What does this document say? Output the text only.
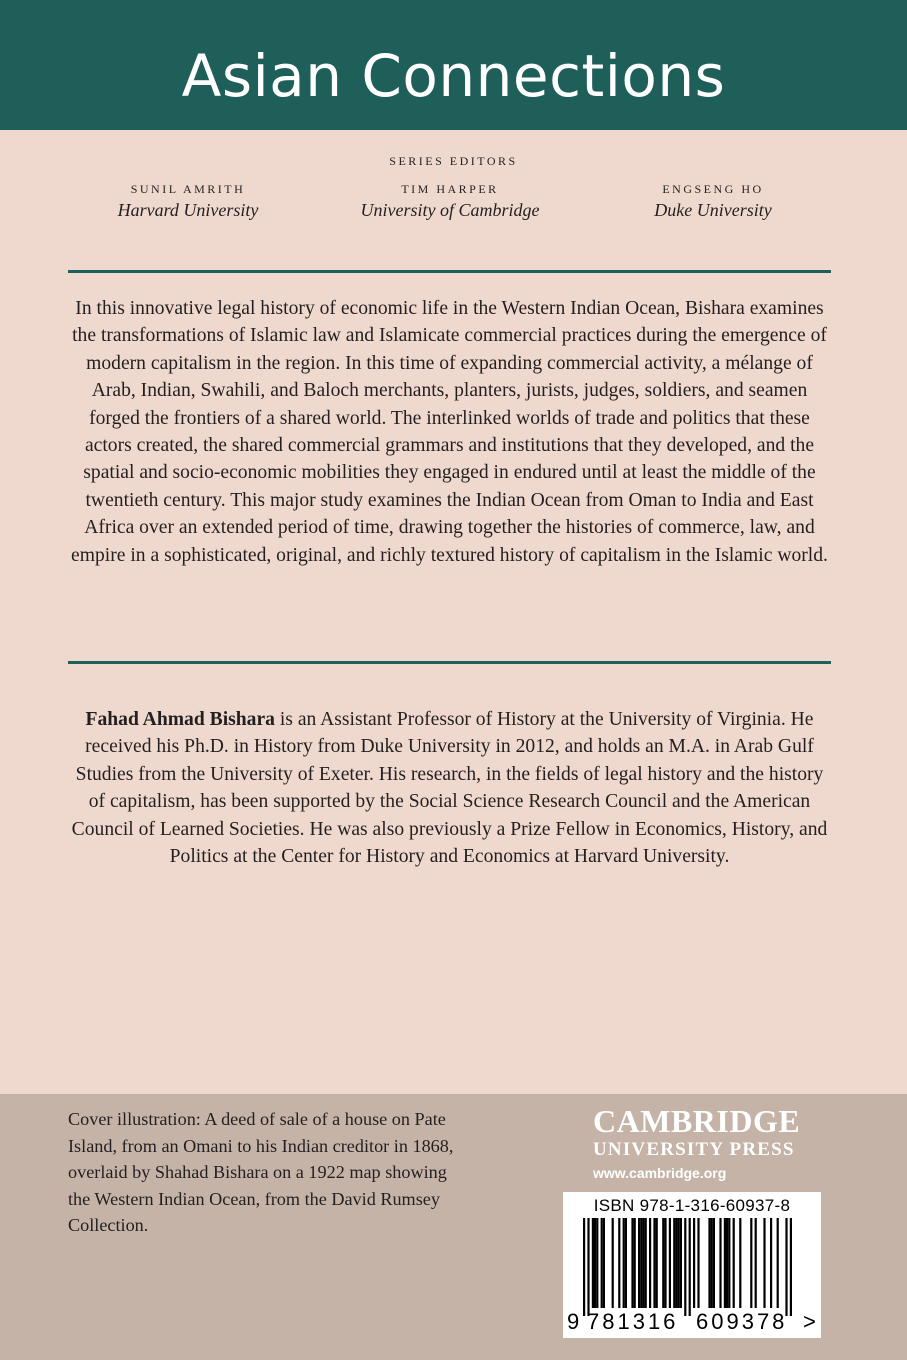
Asian Connections
SERIES EDITORS
SUNIL AMRITH
Harvard University
TIM HARPER
University of Cambridge
ENGSENG HO
Duke University
In this innovative legal history of economic life in the Western Indian Ocean, Bishara examines the transformations of Islamic law and Islamicate commercial practices during the emergence of modern capitalism in the region. In this time of expanding commercial activity, a mélange of Arab, Indian, Swahili, and Baloch merchants, planters, jurists, judges, soldiers, and seamen forged the frontiers of a shared world. The interlinked worlds of trade and politics that these actors created, the shared commercial grammars and institutions that they developed, and the spatial and socio-economic mobilities they engaged in endured until at least the middle of the twentieth century. This major study examines the Indian Ocean from Oman to India and East Africa over an extended period of time, drawing together the histories of commerce, law, and empire in a sophisticated, original, and richly textured history of capitalism in the Islamic world.
Fahad Ahmad Bishara is an Assistant Professor of History at the University of Virginia. He received his Ph.D. in History from Duke University in 2012, and holds an M.A. in Arab Gulf Studies from the University of Exeter. His research, in the fields of legal history and the history of capitalism, has been supported by the Social Science Research Council and the American Council of Learned Societies. He was also previously a Prize Fellow in Economics, History, and Politics at the Center for History and Economics at Harvard University.
Cover illustration: A deed of sale of a house on Pate Island, from an Omani to his Indian creditor in 1868, overlaid by Shahad Bishara on a 1922 map showing the Western Indian Ocean, from the David Rumsey Collection.
CAMBRIDGE
UNIVERSITY PRESS
www.cambridge.org
ISBN 978-1-316-60937-8
9 781316 609378 >
